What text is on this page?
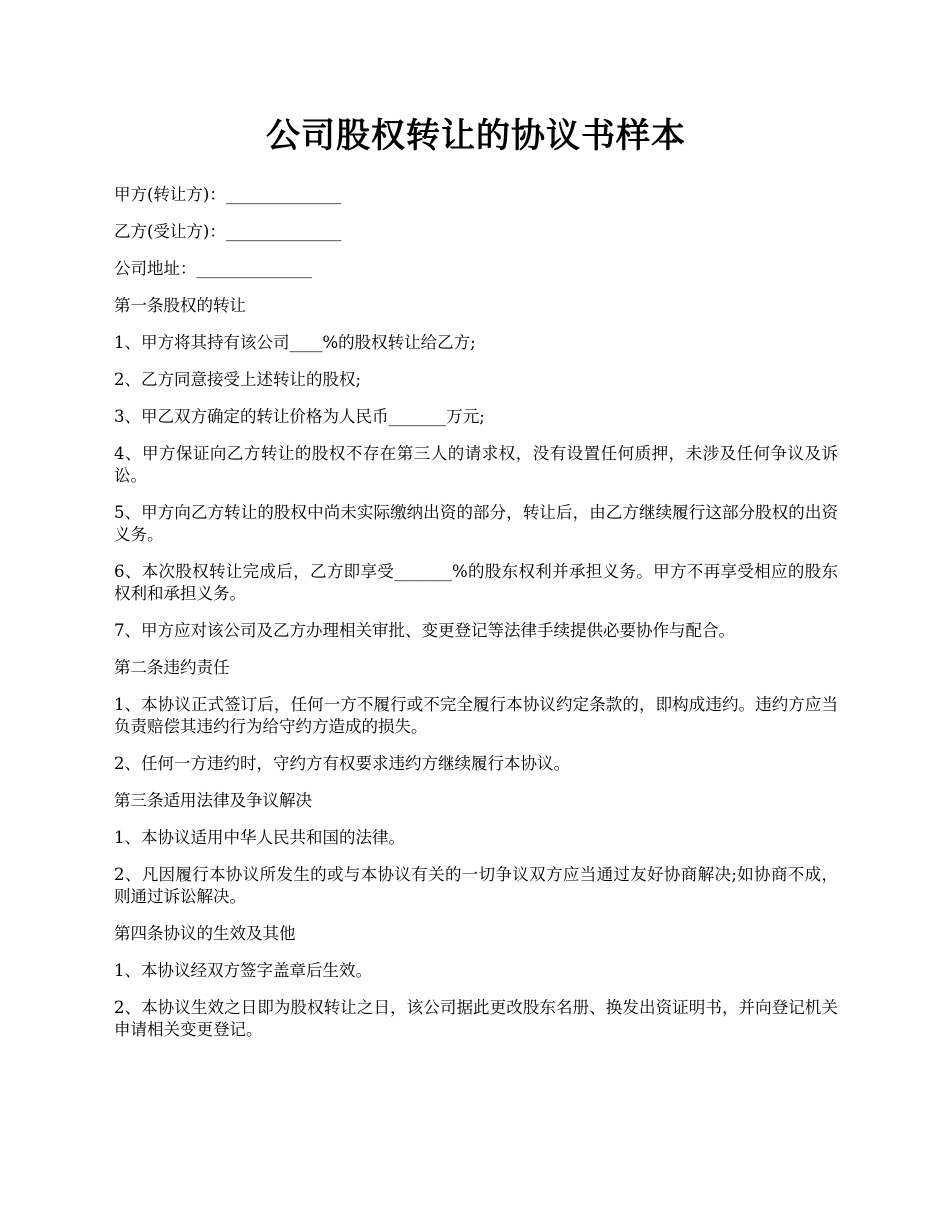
公司股权转让的协议书样本

甲方(转让方)：______________

乙方(受让方)：______________

公司地址：______________

第一条股权的转让

1、甲方将其持有该公司____%的股权转让给乙方;

2、乙方同意接受上述转让的股权;

3、甲乙双方确定的转让价格为人民币_______万元;

4、甲方保证向乙方转让的股权不存在第三人的请求权，没有设置任何质押，未涉及任何争议及诉讼。

5、甲方向乙方转让的股权中尚未实际缴纳出资的部分，转让后，由乙方继续履行这部分股权的出资义务。

6、本次股权转让完成后，乙方即享受_______%的股东权利并承担义务。甲方不再享受相应的股东权利和承担义务。

7、甲方应对该公司及乙方办理相关审批、变更登记等法律手续提供必要协作与配合。

第二条违约责任

1、本协议正式签订后，任何一方不履行或不完全履行本协议约定条款的，即构成违约。违约方应当负责赔偿其违约行为给守约方造成的损失。

2、任何一方违约时，守约方有权要求违约方继续履行本协议。

第三条适用法律及争议解决

1、本协议适用中华人民共和国的法律。

2、凡因履行本协议所发生的或与本协议有关的一切争议双方应当通过友好协商解决;如协商不成，则通过诉讼解决。

第四条协议的生效及其他

1、本协议经双方签字盖章后生效。

2、本协议生效之日即为股权转让之日，该公司据此更改股东名册、换发出资证明书，并向登记机关申请相关变更登记。
